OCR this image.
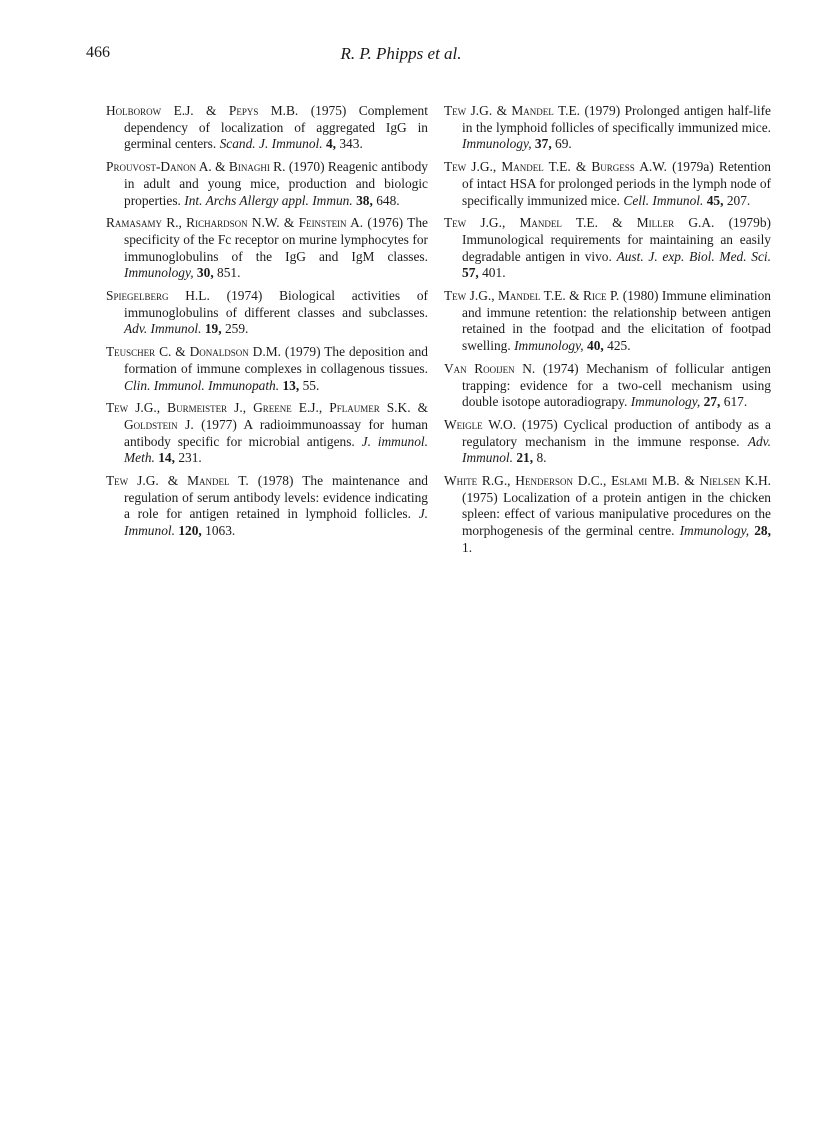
466	R. P. Phipps et al.

Holborow E.J. & Pepys M.B. (1975) Complement dependency of localization of aggregated IgG in germinal centers. Scand. J. Immunol. 4, 343.

Prouvost-Danon A. & Binaghi R. (1970) Reagenic antibody in adult and young mice, production and biologic properties. Int. Archs Allergy appl. Immun. 38, 648.

Ramasamy R., Richardson N.W. & Feinstein A. (1976) The specificity of the Fc receptor on murine lymphocytes for immunoglobulins of the IgG and IgM classes. Immunology, 30, 851.

Spiegelberg H.L. (1974) Biological activities of immunoglobulins of different classes and subclasses. Adv. Immunol. 19, 259.

Teuscher C. & Donaldson D.M. (1979) The deposition and formation of immune complexes in collagenous tissues. Clin. Immunol. Immunopath. 13, 55.

Tew J.G., Burmeister J., Greene E.J., Pflaumer S.K. & Goldstein J. (1977) A radioimmunoassay for human antibody specific for microbial antigens. J. immunol. Meth. 14, 231.

Tew J.G. & Mandel T. (1978) The maintenance and regulation of serum antibody levels: evidence indicating a role for antigen retained in lymphoid follicles. J. Immunol. 120, 1063.

Tew J.G. & Mandel T.E. (1979) Prolonged antigen half-life in the lymphoid follicles of specifically immunized mice. Immunology, 37, 69.

Tew J.G., Mandel T.E. & Burgess A.W. (1979a) Retention of intact HSA for prolonged periods in the lymph node of specifically immunized mice. Cell. Immunol. 45, 207.

Tew J.G., Mandel T.E. & Miller G.A. (1979b) Immunological requirements for maintaining an easily degradable antigen in vivo. Aust. J. exp. Biol. Med. Sci. 57, 401.

Tew J.G., Mandel T.E. & Rice P. (1980) Immune elimination and immune retention: the relationship between antigen retained in the footpad and the elicitation of footpad swelling. Immunology, 40, 425.

Van Rooijen N. (1974) Mechanism of follicular antigen trapping: evidence for a two-cell mechanism using double isotope autoradiograpy. Immunology, 27, 617.

Weigle W.O. (1975) Cyclical production of antibody as a regulatory mechanism in the immune response. Adv. Immunol. 21, 8.

White R.G., Henderson D.C., Eslami M.B. & Nielsen K.H. (1975) Localization of a protein antigen in the chicken spleen: effect of various manipulative procedures on the morphogenesis of the germinal centre. Immunology, 28, 1.
